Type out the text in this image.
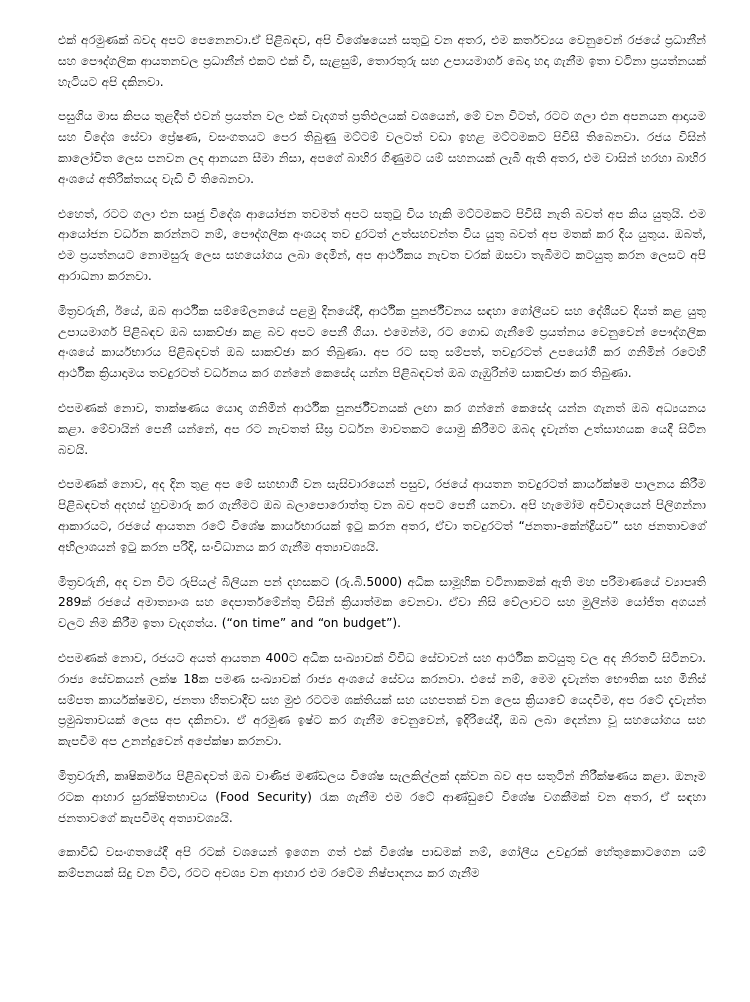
එක් අරමුණක් බවද අපට පෙනෙනවා.ඒ පිළිබඳව, අපි විශේෂයෙන් සතුටු වන අතර, එම කර්තව්‍යය වෙනුවෙන් රජයේ ප්‍රධානීන් සහ පෞද්ගලික ආයතනවල ප්‍රධානීන් එකට එක් වී, සැළසුම්, තොරතුරු සහ උපායමාර්ග බෙදා හදා ගැනීම ඉතා වටිනා ප්‍රයත්නයක් හැටියට අපි දකිනවා.

පසුගිය මාස කිපය තුළදීත් එවන් ප්‍රයත්න වල එක් වැදගත් ප්‍රතිඵලයක් වශයෙන්, මේ වන විටත්, රටට ගලා එන අපනයන ආදායම සහ විදේශ සේවා ප්‍රේෂණ, වසංගතයට පෙර තිබුණු මට්ටම් වලටත් වඩා ඉහළ මට්ටමකට පිවිසී තිබෙනවා. රජය විසින් කාලෝචිත ලෙස පනවන ලද ආනයන සීමා නිසා, අපගේ බාහිර ගිණුමට යම් සහනයක් ලැබී ඇති අතර, එම වාසින් හරහා බාහිර අංශයේ අතිරික්තයද වැඩි වී තිබෙනවා.

එහෙත්, රටට ගලා එන සෘජු විදේශ ආයෝජන තවමත් අපට සතුටු විය හැකි මට්ටමකට පිවිසී නැති බවත් අප කිය යුතුයි. එම ආයෝජන වර්ධන කරන්නට නම්, පෞද්ගලික අංශයද තව දුරටත් උත්සහවන්ත විය යුතු බවත් අප මතක් කර දිය යුතුය. ඔබත්, එම ප්‍රයත්නයට නොමසුරු ලෙස සහයෝගය ලබා දෙමින්, අප ආර්ථිකය නැවත වරක් ඔසවා තැබීමට කටයුතු කරන ලෙසට අපි ආරාධනා කරනවා.

මිත්‍රවරුනි, ඊයේ, ඔබ ආර්ථික සම්මේලනයේ පළමු දිනයේදී, ආර්ථික පුනර්ජීවනය සඳහා ගෝලීයව සහ දේශීයව දියත් කළ යුතු උපායමාර්ග පිළිබඳව ඔබ සාකච්ඡා කළ බව අපට පෙනී ගියා. එමෙන්ම, රට ගොඩ ගැනීමේ ප්‍රයත්නය වෙනුවෙන් පෞද්ගලික අංශයේ කාර්යභාරය පිළිබඳවත් ඔබ සාකච්ඡා කර තිබුණා. අප රට සතු සම්පත්, තවදුරටත් උපයෝගී කර ගනිමින් රටෙහි ආර්ථික ක්‍රියාදාමය තවදුරටත් වර්ධනය කර ගන්නේ කෙසේද යන්න පිළිබඳවත් ඔබ ගැඹුරින්ම සාකච්ඡා කර තිබුණා.

එපමණක් නොව, තාක්ෂණය යොදා ගනිමින් ආර්ථික පුනර්ජීවනයක් ලඟා කර ගන්නේ කෙසේද යන්න ගැනත් ඔබ අධ්‍යයනය කළා. මේවායින් පෙනී යන්නේ, අප රට නැවතත් සීඝ්‍ර වර්ධන මාවතකට යොමු කිරීමට ඔබද දැවැන්ත උත්සාහයක යෙදී සිටින බවයි.

එපමණක් නොව, අද දින තුළ අප මේ සහභාගී වන සැසිවාරයෙන් පසුව, රජයේ ආයතන තවදුරටත් කාර්යක්ෂම පාලනය කිරීම පිළිබඳවත් අදහස් හුවමාරු කර ගැනීමට ඔබ බලාපොරොත්තු වන බව අපට පෙනී යනවා. අපි හැමෝම අවිවාදයෙන් පිලිගන්නා ආකාරයට, රජයේ ආයතන රටේ විශේෂ කාර්යභාරයක් ඉටු කරන අතර, ඒවා තවදුරටත් “ජනතා-කේන්ද්‍රීයව” සහ ජනතාවගේ අභිලාශයන් ඉටු කරන පරිදි, සංවිධානය කර ගැනීම අත්‍යාවශ්‍යයි.

මිත්‍රවරුනි, අද වන විට රුපියල් බිලියන පන් දහසකට (රු.බි.5000) අධික සාමූහික වටිනාකමක් ඇති මහ පරිමාණයේ ව්‍යාපෘති 289ක් රජයේ අමාත්‍යාංශ සහ දෙපාර්තමේන්තු විසින් ක්‍රියාත්මක වෙනවා. ඒවා නිසි වේලාවට සහ මුලින්ම යෝජිත අගයන් වලට නිම කිරීම ඉතා වැදගත්ය. (“on time” and “on budget”).

එපමණක් නොව, රජයට අයත් ආයතන 400ට අධික සංඛ්‍යාවක් විවිධ සේවාවන් සහ ආර්ථික කටයුතු වල අද නිරතවී සිටිනවා. රාජ්‍ය සේවකයන් ලක්ෂ 18ක පමණ සංඛ්‍යාවක් රාජ්‍ය අංශයේ සේවය කරනවා. එසේ නම්, මෙම දැවැන්ත භෞතික සහ මිනිස් සම්පත කාර්යක්ෂමව, ජනතා හිතවාදීව සහ මුළු රටටම ශක්තියක් සහ යහපතක් වන ලෙස ක්‍රියාවේ යෙදවීම, අප රටේ දැවැන්ත ප්‍රමුඛතාවයක් ලෙස අප දකිනවා. ඒ අරමුණ ඉෂ්ට කර ගැනීම වෙනුවෙන්, ඉදිරියේදී, ඔබ ලබා දෙන්නා වූ සහයෝගය සහ කැපවීම අප උනන්දුවෙන් අපේක්ෂා කරනවා.

මිත්‍රවරුනි, කෘෂිකර්මය පිළිබඳවත් ඔබ වාණිජ මණ්ඩලය විශේෂ සැලකිල්ලක් දක්වන බව අප සතුටින් නිරීක්ෂණය කළා. ඔනෑම රටක ආහාර සුරක්ෂිතභාවය (Food Security) රැක ගැනීම එම රටේ ආණ්ඩුවේ විශේෂ වගකීමක් වන අතර, ඒ සඳහා ජනතාවගේ කැපවීමද අත්‍යාවශ්‍යයි.

කොවිඩ් වසංගතයේදී අපි රටක් වශයෙන් ඉගෙන ගත් එක් විශේෂ පාඩමක් නම්, ගෝලීය උවදුරක් හේතුකොටගෙන යම් කම්පනයක් සිදු වන විට, රටට අවශ්‍ය වන ආහාර එම රටේම නිෂ්පාදනය කර ගැනීම
